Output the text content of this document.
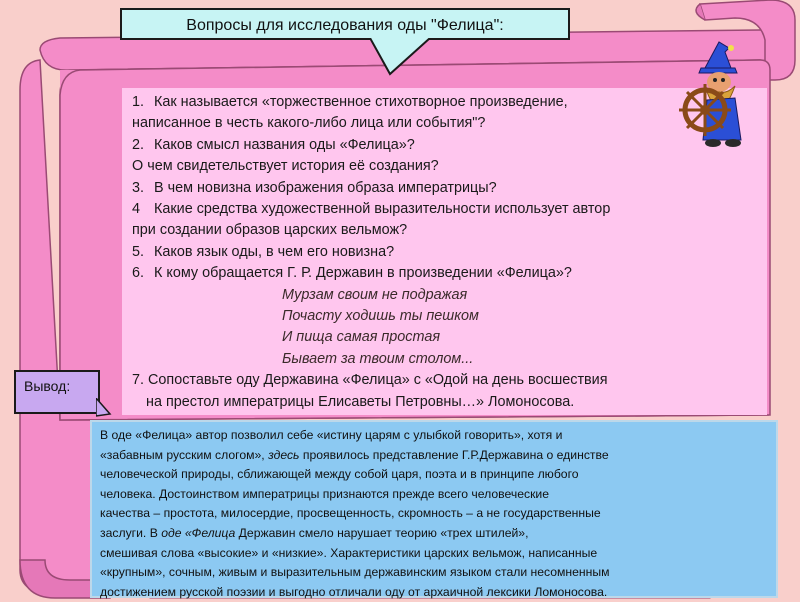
Вопросы для исследования оды "Фелица":
1. Как называется «торжественное стихотворное произведение,
написанное в честь какого-либо лица или события"?
2. Каков смысл названия оды «Фелица»?
О чем свидетельствует история её создания?
3. В чем новизна изображения образа императрицы?
4 Какие средства художественной выразительности использует автор
при создании образов царских вельмож?
5. Каков язык оды, в чем его новизна?
6. К кому обращается Г. Р. Державин в произведении «Фелица»?
Мурзам своим не подражая
Почасту ходишь ты пешком
И пища самая простая
Бывает за твоим столом...
7. Сопоставьте оду Державина «Фелица» с «Одой на день восшествия
на престол императрицы Елисаветы Петровны…» Ломоносова.
Вывод:
В оде «Фелица» автор позволил себе «истину царям с улыбкой говорить», хотя и
«забавным русским слогом», здесь проявилось представление Г.Р.Державина о единстве
человеческой природы, сближающей между собой царя, поэта и в принципе любого
человека. Достоинством императрицы признаются прежде всего человеческие
качества – простота, милосердие, просвещенность, скромность – а не государственные
заслуги. В оде «Фелица Державин смело нарушает теорию «трех штилей»,
смешивая слова «высокие» и «низкие». Характеристики царских вельмож, написанные
«крупным», сочным, живым и выразительным державинским языком стали несомненным
достижением русской поэзии и выгодно отличали оду от архаичной лексики Ломоносова.
